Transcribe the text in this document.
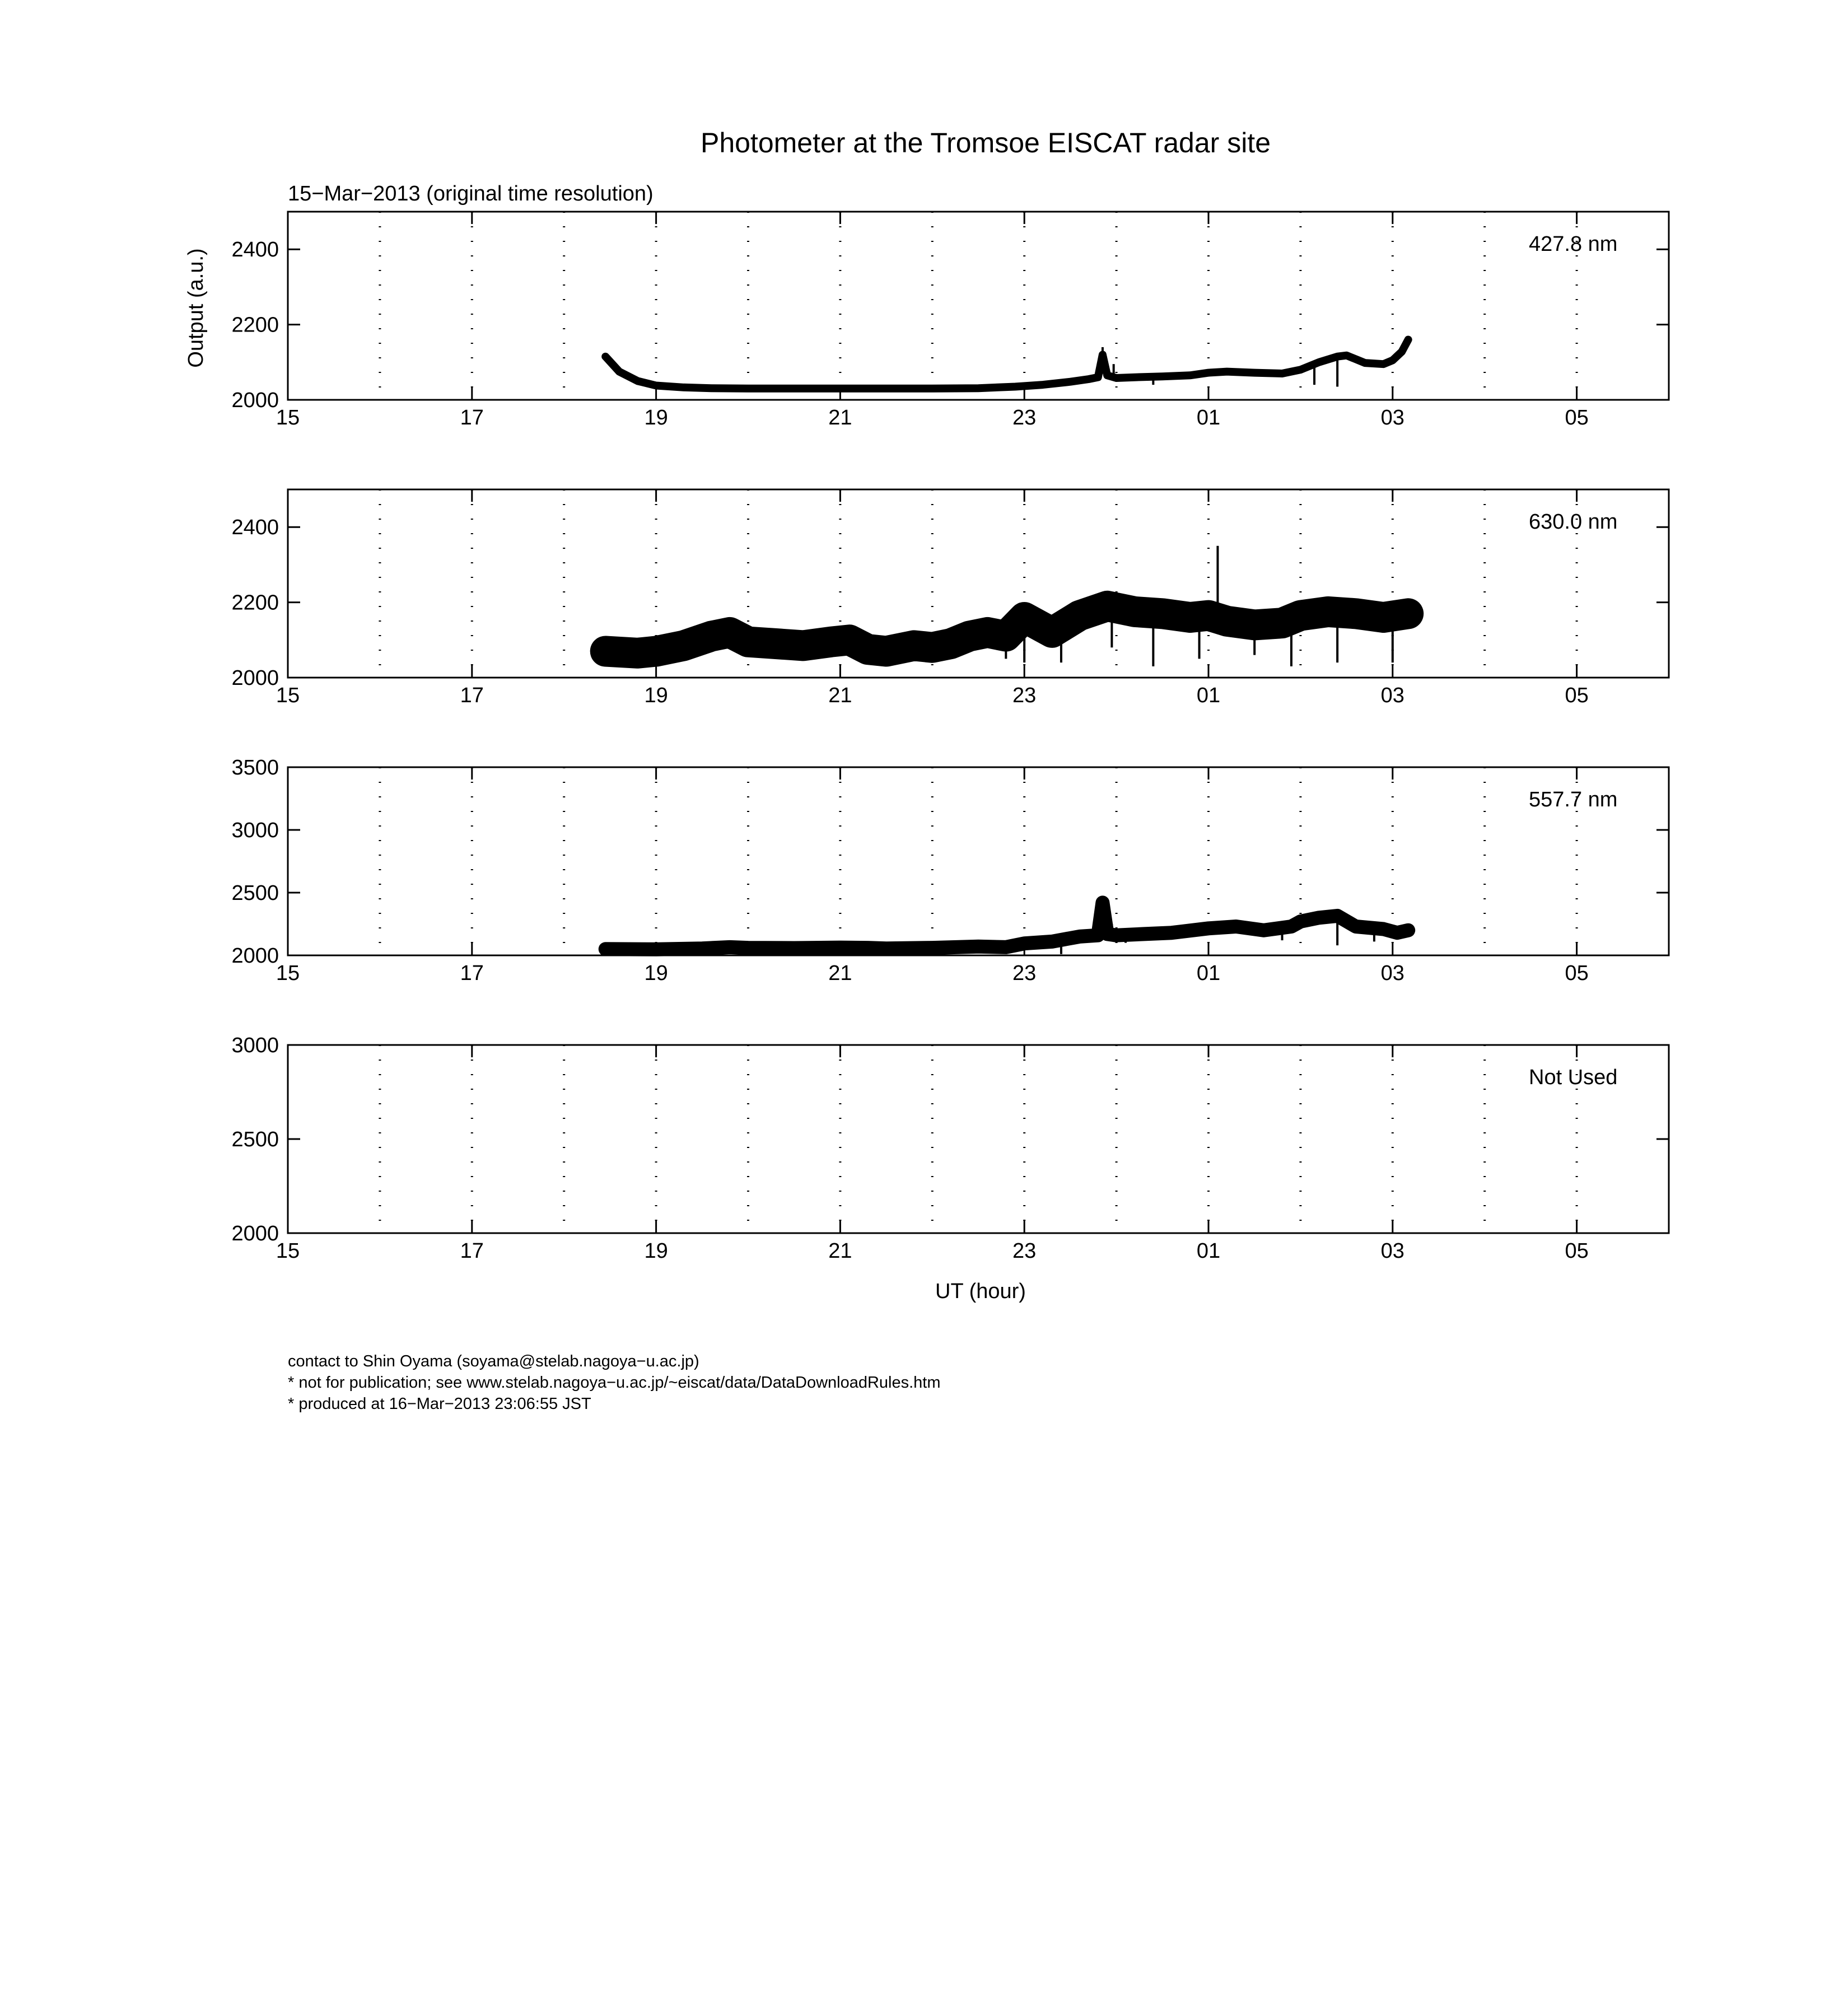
Photometer at the Tromsoe EISCAT radar site
15−Mar−2013 (original time resolution)
Output (a.u.)
UT (hour)
15	17	19	21	23	01	03	05
2000
2200
2400	427.8 nm
15	17	19	21	23	01	03	05
2000
2200
2400	630.0 nm
15	17	19	21	23	01	03	05
2000
2500
3000
3500
557.7 nm
15	17	19	21	23	01	03	05
2000
2500
3000
Not Used
contact to Shin Oyama (soyama@stelab.nagoya−u.ac.jp)
* not for publication; see www.stelab.nagoya−u.ac.jp/~eiscat/data/DataDownloadRules.htm
* produced at 16−Mar−2013 23:06:55 JST
